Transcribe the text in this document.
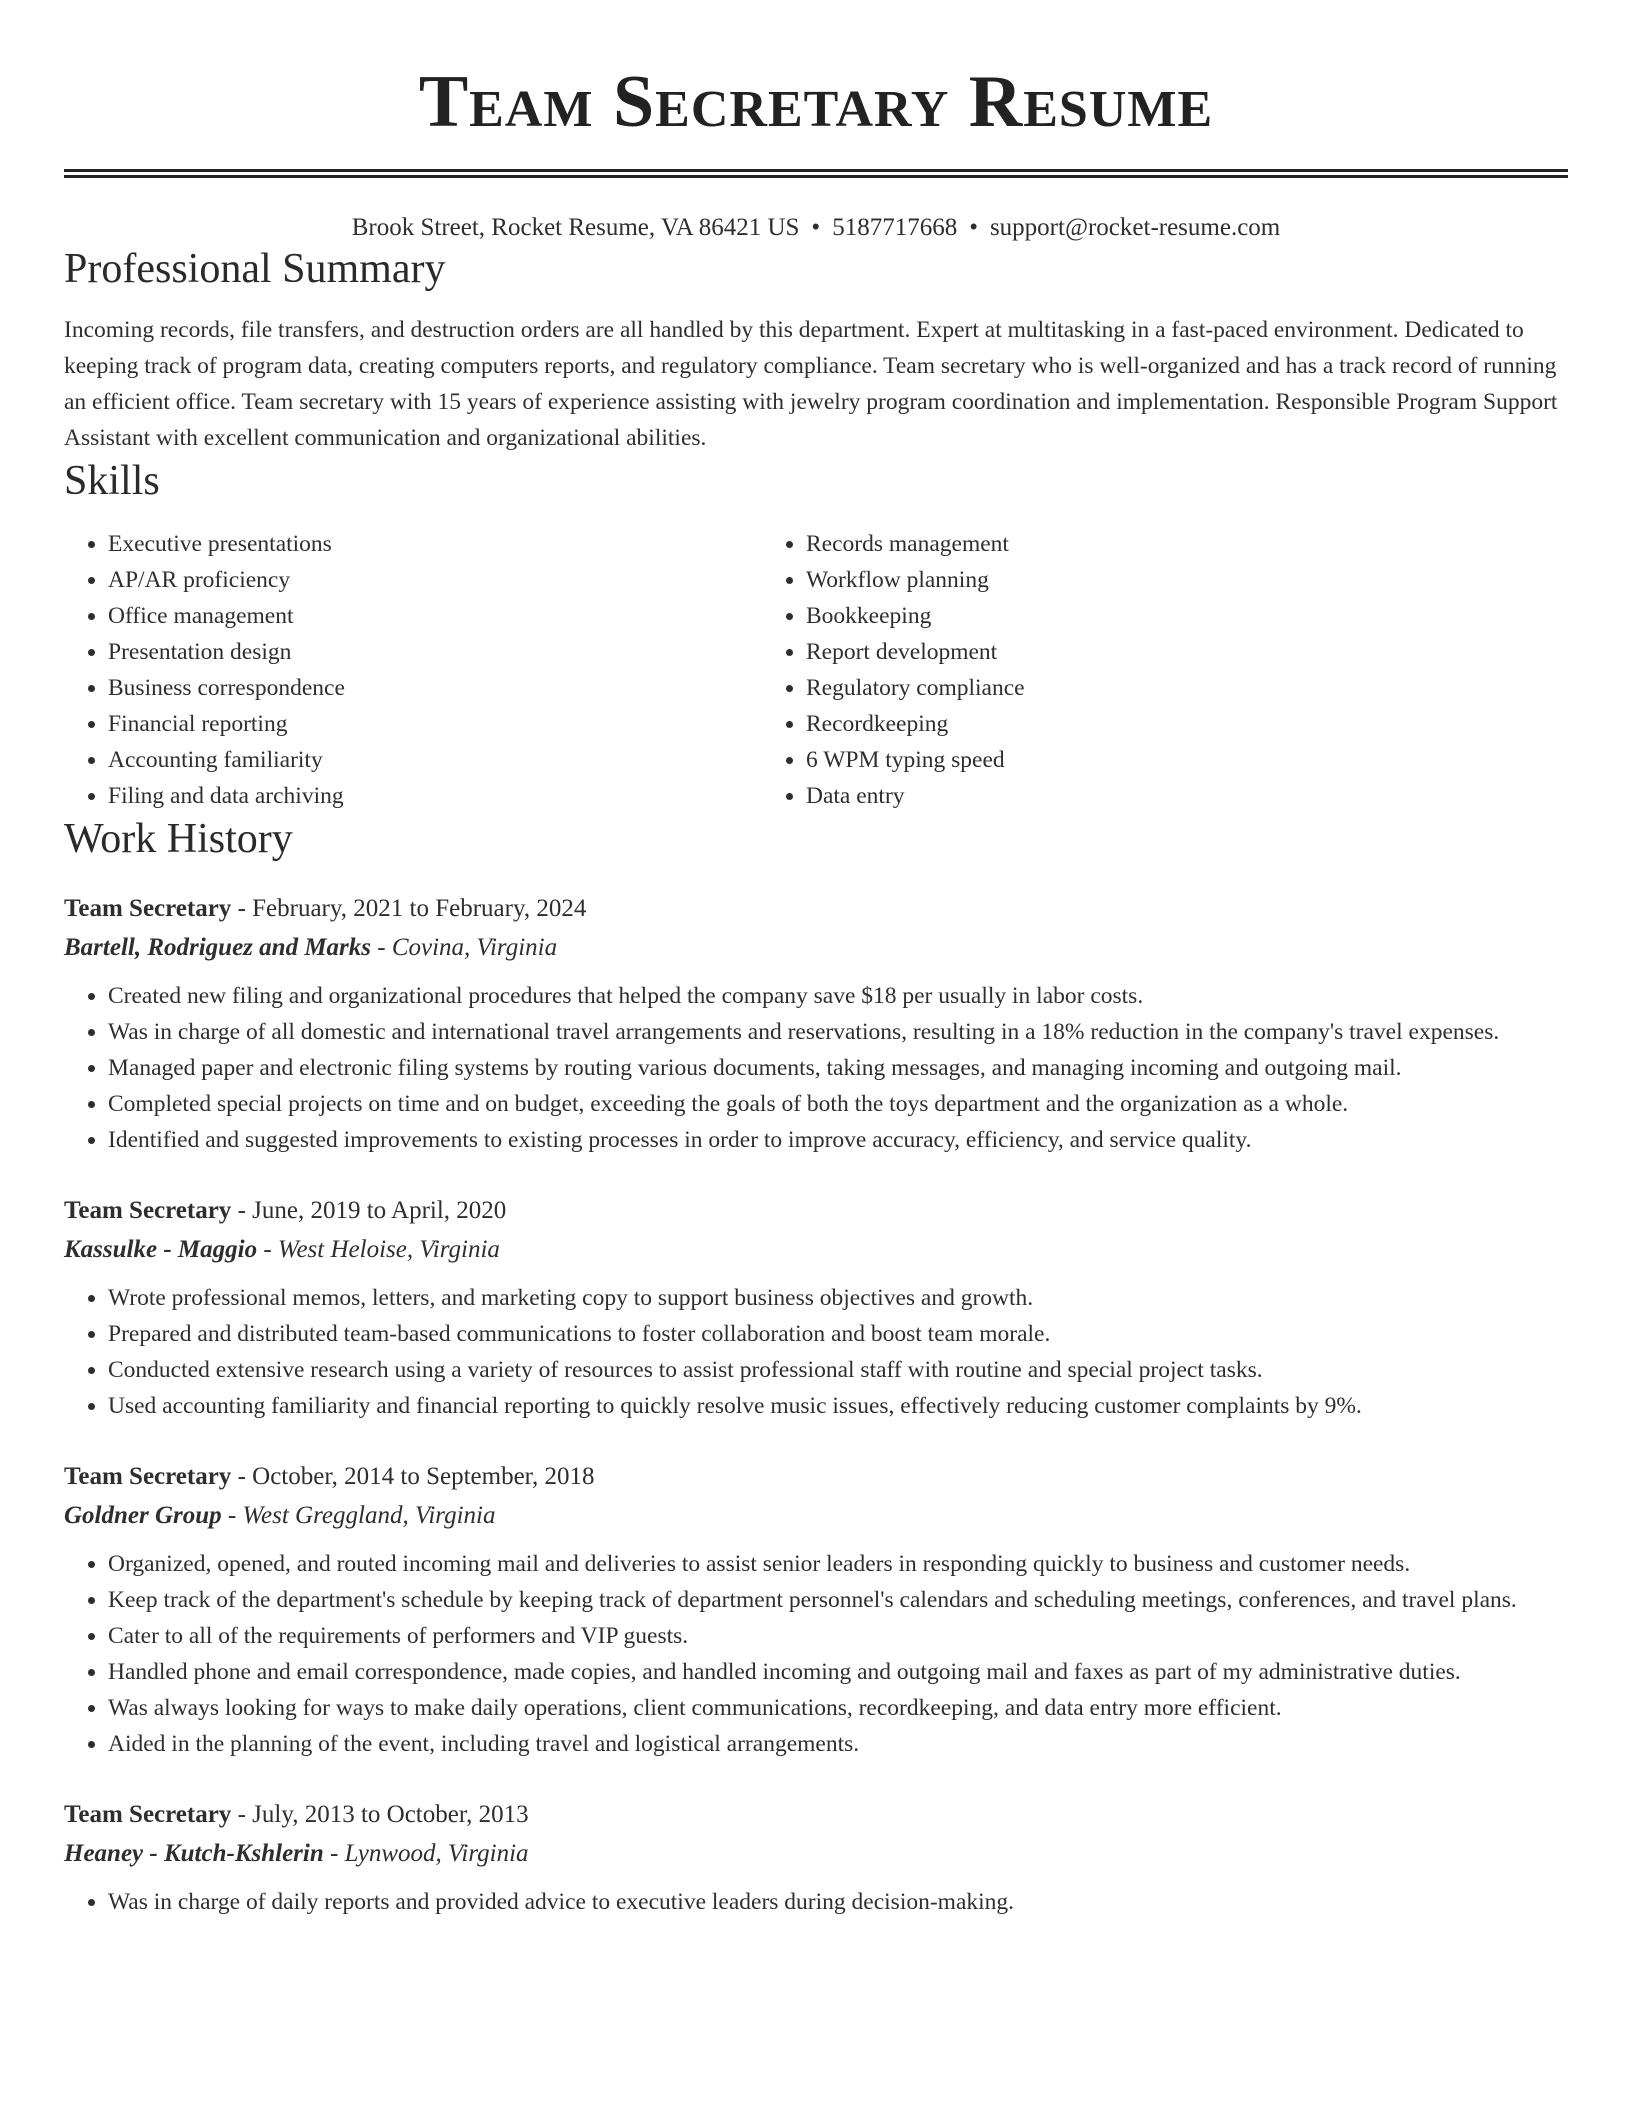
Team Secretary Resume
Brook Street, Rocket Resume, VA 86421 US • 5187717668 • support@rocket-resume.com
Professional Summary

Incoming records, file transfers, and destruction orders are all handled by this department. Expert at multitasking in a fast-paced environment. Dedicated to keeping track of program data, creating computers reports, and regulatory compliance. Team secretary who is well-organized and has a track record of running an efficient office. Team secretary with 15 years of experience assisting with jewelry program coordination and implementation. Responsible Program Support Assistant with excellent communication and organizational abilities.

Skills
• Executive presentations
• AP/AR proficiency
• Office management
• Presentation design
• Business correspondence
• Financial reporting
• Accounting familiarity
• Filing and data archiving
• Records management
• Workflow planning
• Bookkeeping
• Report development
• Regulatory compliance
• Recordkeeping
• 6 WPM typing speed
• Data entry
Work History
Team Secretary - February, 2021 to February, 2024
Bartell, Rodriguez and Marks - Covina, Virginia
• Created new filing and organizational procedures that helped the company save $18 per usually in labor costs.
• Was in charge of all domestic and international travel arrangements and reservations, resulting in a 18% reduction in the company's travel expenses.
• Managed paper and electronic filing systems by routing various documents, taking messages, and managing incoming and outgoing mail.
• Completed special projects on time and on budget, exceeding the goals of both the toys department and the organization as a whole.
• Identified and suggested improvements to existing processes in order to improve accuracy, efficiency, and service quality.
Team Secretary - June, 2019 to April, 2020
Kassulke - Maggio - West Heloise, Virginia
• Wrote professional memos, letters, and marketing copy to support business objectives and growth.
• Prepared and distributed team-based communications to foster collaboration and boost team morale.
• Conducted extensive research using a variety of resources to assist professional staff with routine and special project tasks.
• Used accounting familiarity and financial reporting to quickly resolve music issues, effectively reducing customer complaints by 9%.
Team Secretary - October, 2014 to September, 2018
Goldner Group - West Greggland, Virginia
• Organized, opened, and routed incoming mail and deliveries to assist senior leaders in responding quickly to business and customer needs.
• Keep track of the department's schedule by keeping track of department personnel's calendars and scheduling meetings, conferences, and travel plans.
• Cater to all of the requirements of performers and VIP guests.
• Handled phone and email correspondence, made copies, and handled incoming and outgoing mail and faxes as part of my administrative duties.
• Was always looking for ways to make daily operations, client communications, recordkeeping, and data entry more efficient.
• Aided in the planning of the event, including travel and logistical arrangements.
Team Secretary - July, 2013 to October, 2013
Heaney - Kutch-Kshlerin - Lynwood, Virginia
• Was in charge of daily reports and provided advice to executive leaders during decision-making.
